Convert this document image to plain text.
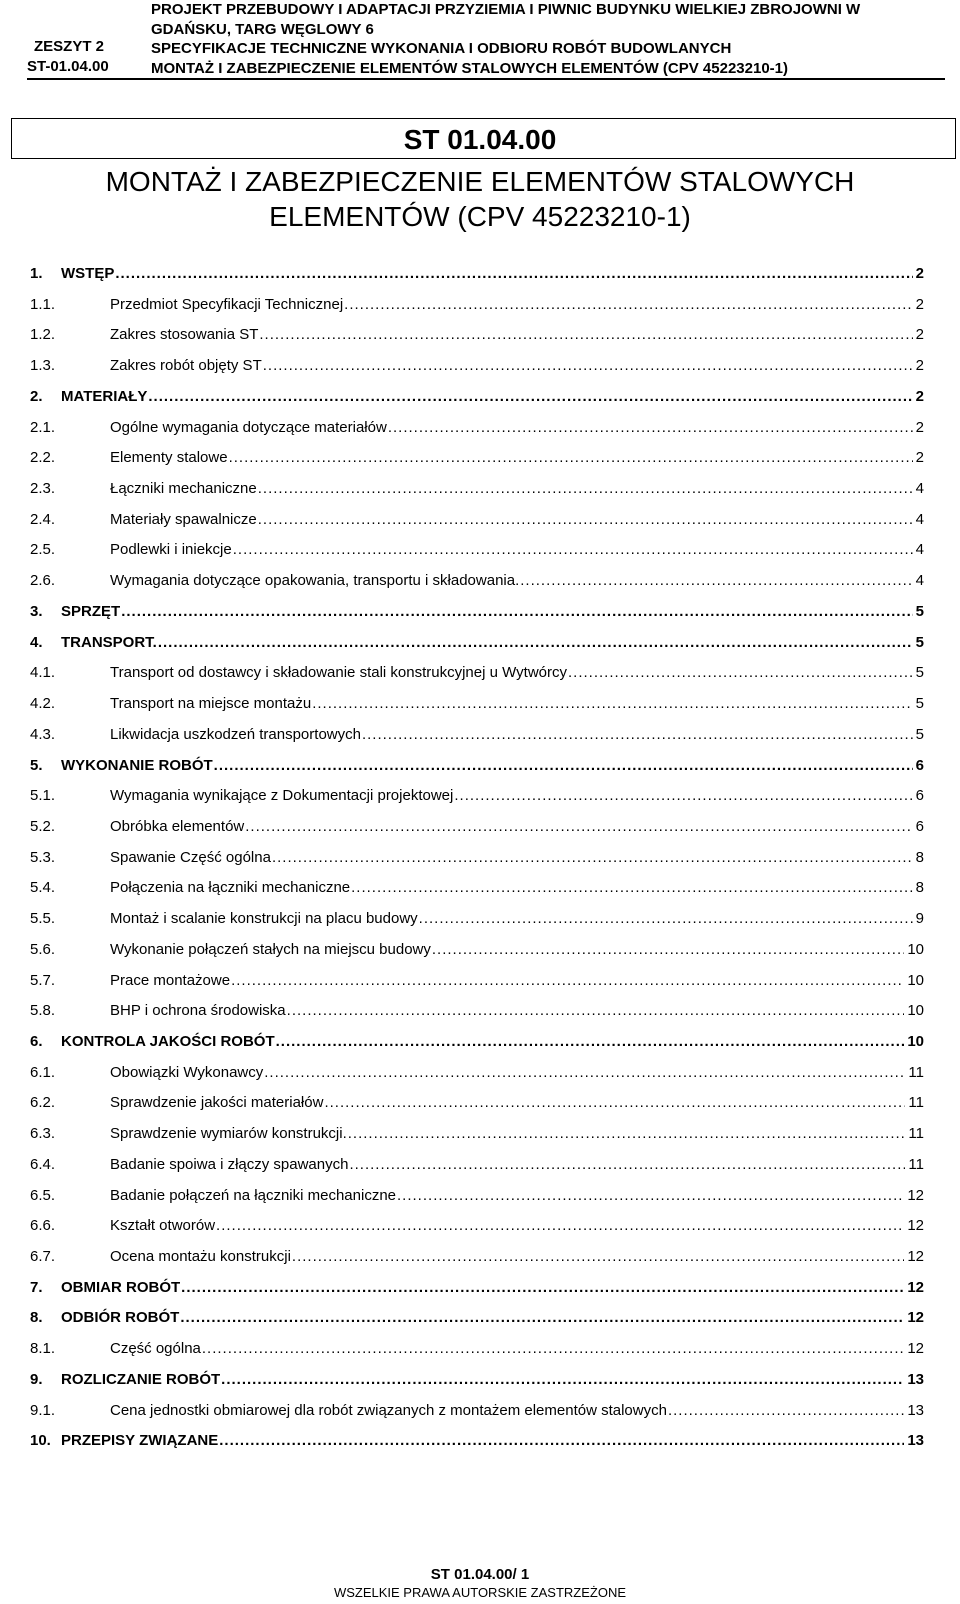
ZESZYT 2
ST-01.04.00
PROJEKT PRZEBUDOWY I ADAPTACJI PRZYZIEMIA I PIWNIC BUDYNKU WIELKIEJ ZBROJOWNI W
GDAŃSKU, TARG WĘGLOWY 6
SPECYFIKACJE TECHNICZNE WYKONANIA I ODBIORU ROBÓT BUDOWLANYCH
MONTAŻ I ZABEZPIECZENIE ELEMENTÓW STALOWYCH ELEMENTÓW (CPV 45223210-1)
ST 01.04.00
MONTAŻ I ZABEZPIECZENIE ELEMENTÓW STALOWYCH
ELEMENTÓW (CPV 45223210-1)
1. WSTĘP .....	2
1.1.	Przedmiot Specyfikacji Technicznej .....	2
1.2.	Zakres stosowania ST .....	2
1.3.	Zakres robót objęty ST .....	2
2. MATERIAŁY .....	2
2.1.	Ogólne wymagania dotyczące materiałów .....	2
2.2.	Elementy stalowe .....	2
2.3.	Łączniki mechaniczne .....	4
2.4.	Materiały spawalnicze .....	4
2.5.	Podlewki i iniekcje .....	4
2.6.	Wymagania dotyczące opakowania, transportu i składowania. .....	4
3. SPRZĘT .....	5
4. TRANSPORT. .....	5
4.1.	Transport od dostawcy i składowanie stali konstrukcyjnej u Wytwórcy .....	5
4.2.	Transport na miejsce montażu .....	5
4.3.	Likwidacja uszkodzeń transportowych .....	5
5. WYKONANIE ROBÓT .....	6
5.1.	Wymagania wynikające z Dokumentacji projektowej .....	6
5.2.	Obróbka elementów .....	6
5.3.	Spawanie Część ogólna .....	8
5.4.	Połączenia na łączniki mechaniczne .....	8
5.5.	Montaż i scalanie konstrukcji na placu budowy .....	9
5.6.	Wykonanie połączeń stałych na miejscu budowy .....	10
5.7.	Prace montażowe .....	10
5.8.	BHP i ochrona środowiska .....	10
6. KONTROLA JAKOŚCI ROBÓT .....	10
6.1.	Obowiązki Wykonawcy .....	11
6.2.	Sprawdzenie jakości materiałów .....	11
6.3.	Sprawdzenie wymiarów konstrukcji. .....	11
6.4.	Badanie spoiwa i złączy spawanych .....	11
6.5.	Badanie połączeń na łączniki mechaniczne .....	12
6.6.	Kształt otworów .....	12
6.7.	Ocena montażu konstrukcji .....	12
7. OBMIAR ROBÓT .....	12
8. ODBIÓR ROBÓT .....	12
8.1.	Część ogólna .....	12
9. ROZLICZANIE ROBÓT .....	13
9.1.	Cena jednostki obmiarowej dla robót związanych z montażem elementów stalowych .....	13
10. PRZEPISY ZWIĄZANE .....	13
ST 01.04.00/ 1
WSZELKIE PRAWA AUTORSKIE ZASTRZEŻONE
